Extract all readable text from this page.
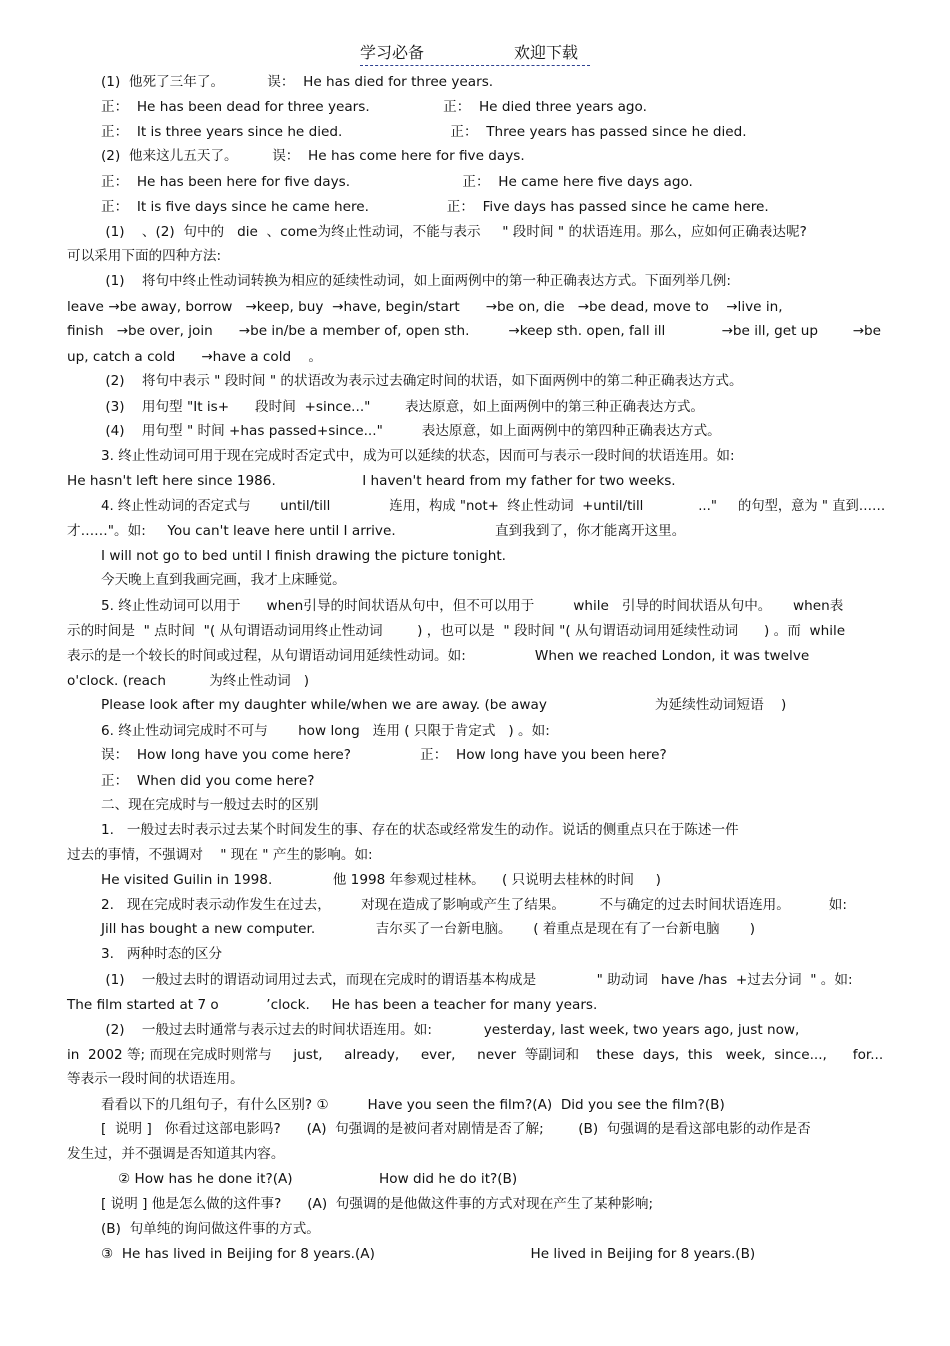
学习必备	欢迎下载
(1)  他死了三年了。          误：  He has died for three years.
正：  He has been dead for three years.                 正：  He died three years ago.
正：  It is three years since he died.                         正：  Three years has passed since he died.
(2)  他来这儿五天了。        误：  He has come here for five days.
正：  He has been here for five days.                          正：  He came here five days ago.
正：  It is five days since he came here.                  正：  Five days has passed since he came here.
(1)    、(2)  句中的   die  、come为终止性动词，不能与表示     " 段时间 " 的状语连用。那么，应如何正确表达呢?
可以采用下面的四种方法:
(1)    将句中终止性动词转换为相应的延续性动词，如上面两例中的第一种正确表达方式。下面列举几例:
leave →be away, borrow   →keep, buy  →have, begin/start      →be on, die   →be dead, move to    →live in,
finish   →be over, join      →be in/be a member of, open sth.         →keep sth. open, fall ill             →be ill, get up        →be
up, catch a cold      →have a cold    。
(2)    将句中表示 " 段时间 " 的状语改为表示过去确定时间的状语，如下面两例中的第二种正确表达方式。
(3)    用句型 "It is+      段时间  +since..."        表达原意，如上面两例中的第三种正确表达方式。
(4)    用句型 " 时间 +has passed+since..."         表达原意，如上面两例中的第四种正确表达方式。
3. 终止性动词可用于现在完成时否定式中，成为可以延续的状态，因而可与表示一段时间的状语连用。如:
He hasn't left here since 1986.                    I haven't heard from my father for two weeks.
4. 终止性动词的否定式与       until/till              连用，构成 "not+  终止性动词  +until/till             ..."     的句型，意为 " 直到……
才……"。如:     You can't leave here until I arrive.                       直到我到了，你才能离开这里。
I will not go to bed until I finish drawing the picture tonight.
今天晚上直到我画完画，我才上床睡觉。
5. 终止性动词可以用于      when引导的时间状语从句中，但不可以用于         while   引导的时间状语从句中。     when表
示的时间是  " 点时间  "( 从句谓语动词用终止性动词        ) ，也可以是  " 段时间 "( 从句谓语动词用延续性动词      ) 。而  while
表示的是一个较长的时间或过程，从句谓语动词用延续性动词。如:                When we reached London, it was twelve
o'clock. (reach          为终止性动词   )
Please look after my daughter while/when we are away. (be away                         为延续性动词短语    )
6. 终止性动词完成时不可与       how long   连用 ( 只限于肯定式   ) 。如:
误：  How long have you come here?                正：  How long have you been here?
正：  When did you come here?
二、现在完成时与一般过去时的区别
1.   一般过去时表示过去某个时间发生的事、存在的状态或经常发生的动作。说话的侧重点只在于陈述一件
过去的事情，不强调对    " 现在 " 产生的影响。如:
He visited Guilin in 1998.              他 1998 年参观过桂林。    ( 只说明去桂林的时间     )
2.   现在完成时表示动作发生在过去，       对现在造成了影响或产生了结果。        不与确定的过去时间状语连用。         如:
Jill has bought a new computer.              吉尔买了一台新电脑。     ( 着重点是现在有了一台新电脑       )
3.   两种时态的区分
(1)    一般过去时的谓语动词用过去式，而现在完成时的谓语基本构成是              " 助动词   have /has  +过去分词  " 。如:
The film started at 7 o           ’clock.     He has been a teacher for many years.
(2)    一般过去时通常与表示过去的时间状语连用。如:            yesterday, last week, two years ago, just now,
in  2002 等; 而现在完成时则常与     just,     already,     ever,     never  等副词和    these  days,  this   week,  since...,      for...
等表示一段时间的状语连用。
看看以下的几组句子，有什么区别? ①         Have you seen the film?(A)  Did you see the film?(B)
[  说明 ]   你看过这部电影吗?      (A)  句强调的是被问者对剧情是否了解;        (B)  句强调的是看这部电影的动作是否
发生过，并不强调是否知道其内容。
② How has he done it?(A)                    How did he do it?(B)
[ 说明 ] 他是怎么做的这件事?      (A)  句强调的是他做这件事的方式对现在产生了某种影响;
(B)  句单纯的询问做这件事的方式。
③  He has lived in Beijing for 8 years.(A)                                    He lived in Beijing for 8 years.(B)
